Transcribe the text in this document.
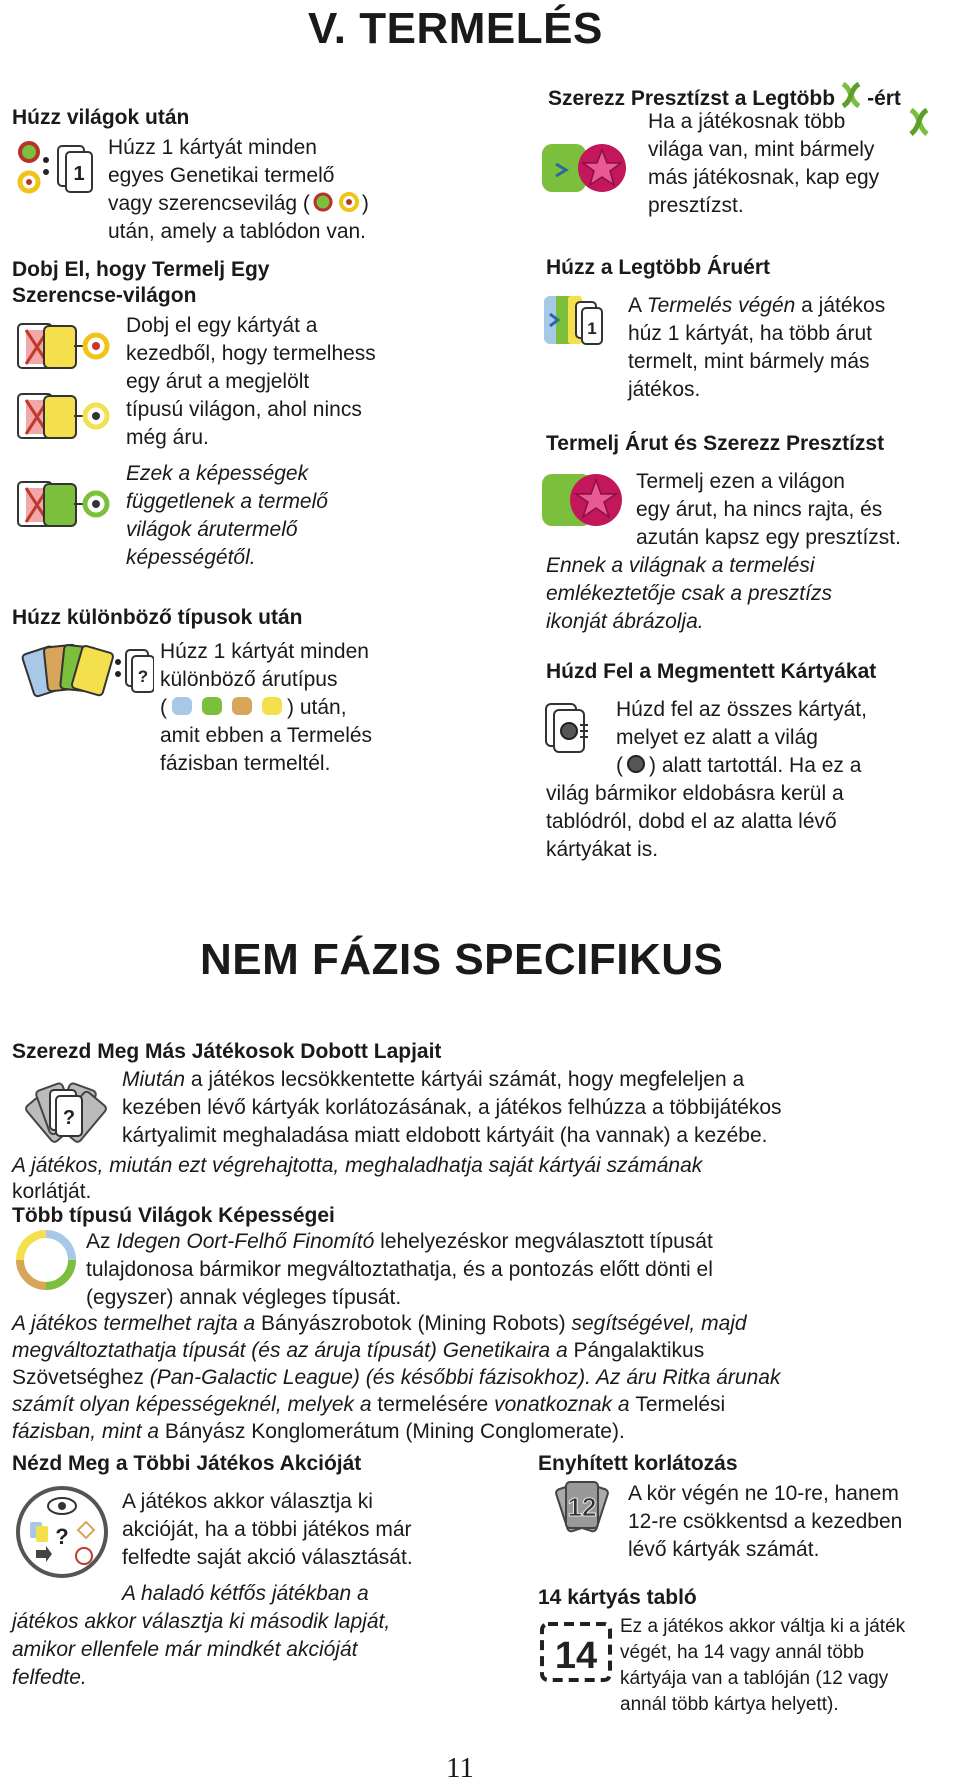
V. TERMELÉS
Húzz világok után
1

Húzz 1 kártyát minden

egyes Genetikai termelő

vagy szerencsevilág ( )

után, amely a tablódon van.

Dobj El, hogy Termelj Egy
Szerencse-világon

Dobj el egy kártyát a

kezedből, hogy termelhess

egy árut a megjelölt

típusú világon, ahol nincs

még áru.

Ezek a képességek

függetlenek a termelő

világok árutermelő

képességétől.

Húzz különböző típusok után
?

Húzz 1 kártyát minden

különböző árutípus

(	) után,

amit ebben a Termelés

fázisban termeltél.

Szerezz Presztízst a Legtöbb -ért

Ha a játékosnak több

világa van, mint bármely

más játékosnak, kap egy

presztízst.

Húzz a Legtöbb Áruért
1

A Termelés végén a játékos

húz 1 kártyát, ha több árut

termelt, mint bármely más

játékos.

Termelj Árut és Szerezz Presztízst

Termelj ezen a világon

egy árut, ha nincs rajta, és

azután kapsz egy presztízst.

Ennek a világnak a termelési

emlékeztetője csak a presztízs

ikonját ábrázolja.

Húzd Fel a Megmentett Kártyákat

Húzd fel az összes kártyát,

melyet ez alatt a világ

( ) alatt tartottál. Ha ez a

világ bármikor eldobásra kerül a

tablódról, dobd el az alatta lévő

kártyákat is.

NEM FÁZIS SPECIFIKUS
Szerezd Meg Más Játékosok Dobott Lapjait
?

Miután a játékos lecsökkentette kártyái számát, hogy megfeleljen a

kezében lévő kártyák korlátozásának, a játékos felhúzza a többijátékos

kártyalimit meghaladása miatt eldobott kártyáit (ha vannak) a kezébe.

A játékos, miután ezt végrehajtotta, meghaladhatja saját kártyái számának

korlátját.

Több típusú Világok Képességei

Az Idegen Oort-Felhő Finomító lehelyezéskor megválasztott típusát

tulajdonosa bármikor megváltoztathatja, és a pontozás előtt dönti el

(egyszer) annak végleges típusát.

A játékos termelhet rajta a Bányászrobotok (Mining Robots) segítségével, majd

megváltoztathatja típusát (és az áruja típusát) Genetikaira a Pángalaktikus

Szövetséghez (Pan-Galactic League) (és későbbi fázisokhoz). Az áru Ritka árunak

számít olyan képességeknél, melyek a termelésére vonatkoznak a Termelési

fázisban, mint a Bányász Konglomerátum (Mining Conglomerate).

Nézd Meg a Többi Játékos Akcióját
?

A játékos akkor választja ki

akcióját, ha a többi játékos már

felfedte saját akció választását.

A haladó kétfős játékban a

játékos akkor választja ki második lapját,

amikor ellenfele már mindkét akcióját

felfedte.

Enyhített korlátozás
12 A kör végén ne 10-re, hanem

12-re csökkentsd a kezedben

lévő kártyák számát.

14 kártyás tabló
14

Ez a játékos akkor váltja ki a játék

végét, ha 14 vagy annál több

kártyája van a tablóján (12 vagy

annál több kártya helyett).

11
